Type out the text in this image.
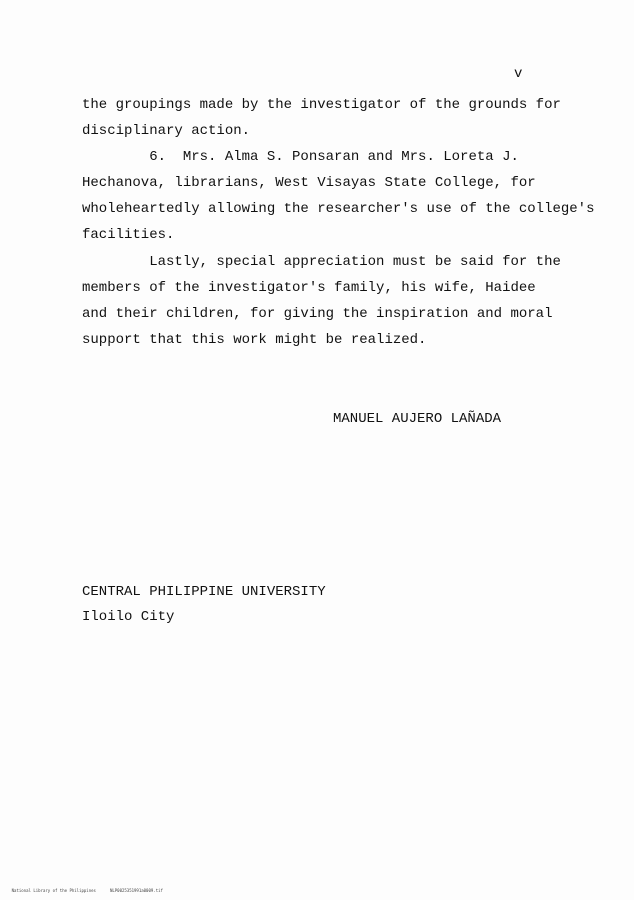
v
the groupings made by the investigator of the grounds for
disciplinary action.
6.  Mrs. Alma S. Ponsaran and Mrs. Loreta J.
Hechanova, librarians, West Visayas State College, for
wholeheartedly allowing the researcher's use of the college's
facilities.
Lastly, special appreciation must be said for the
members of the investigator's family, his wife, Haidee
and their children, for giving the inspiration and moral
support that this work might be realized.
MANUEL AUJERO LAÑADA
CENTRAL PHILIPPINE UNIVERSITY
Iloilo City

National Library of the Philippines	NLP0025351991a0009.tif
